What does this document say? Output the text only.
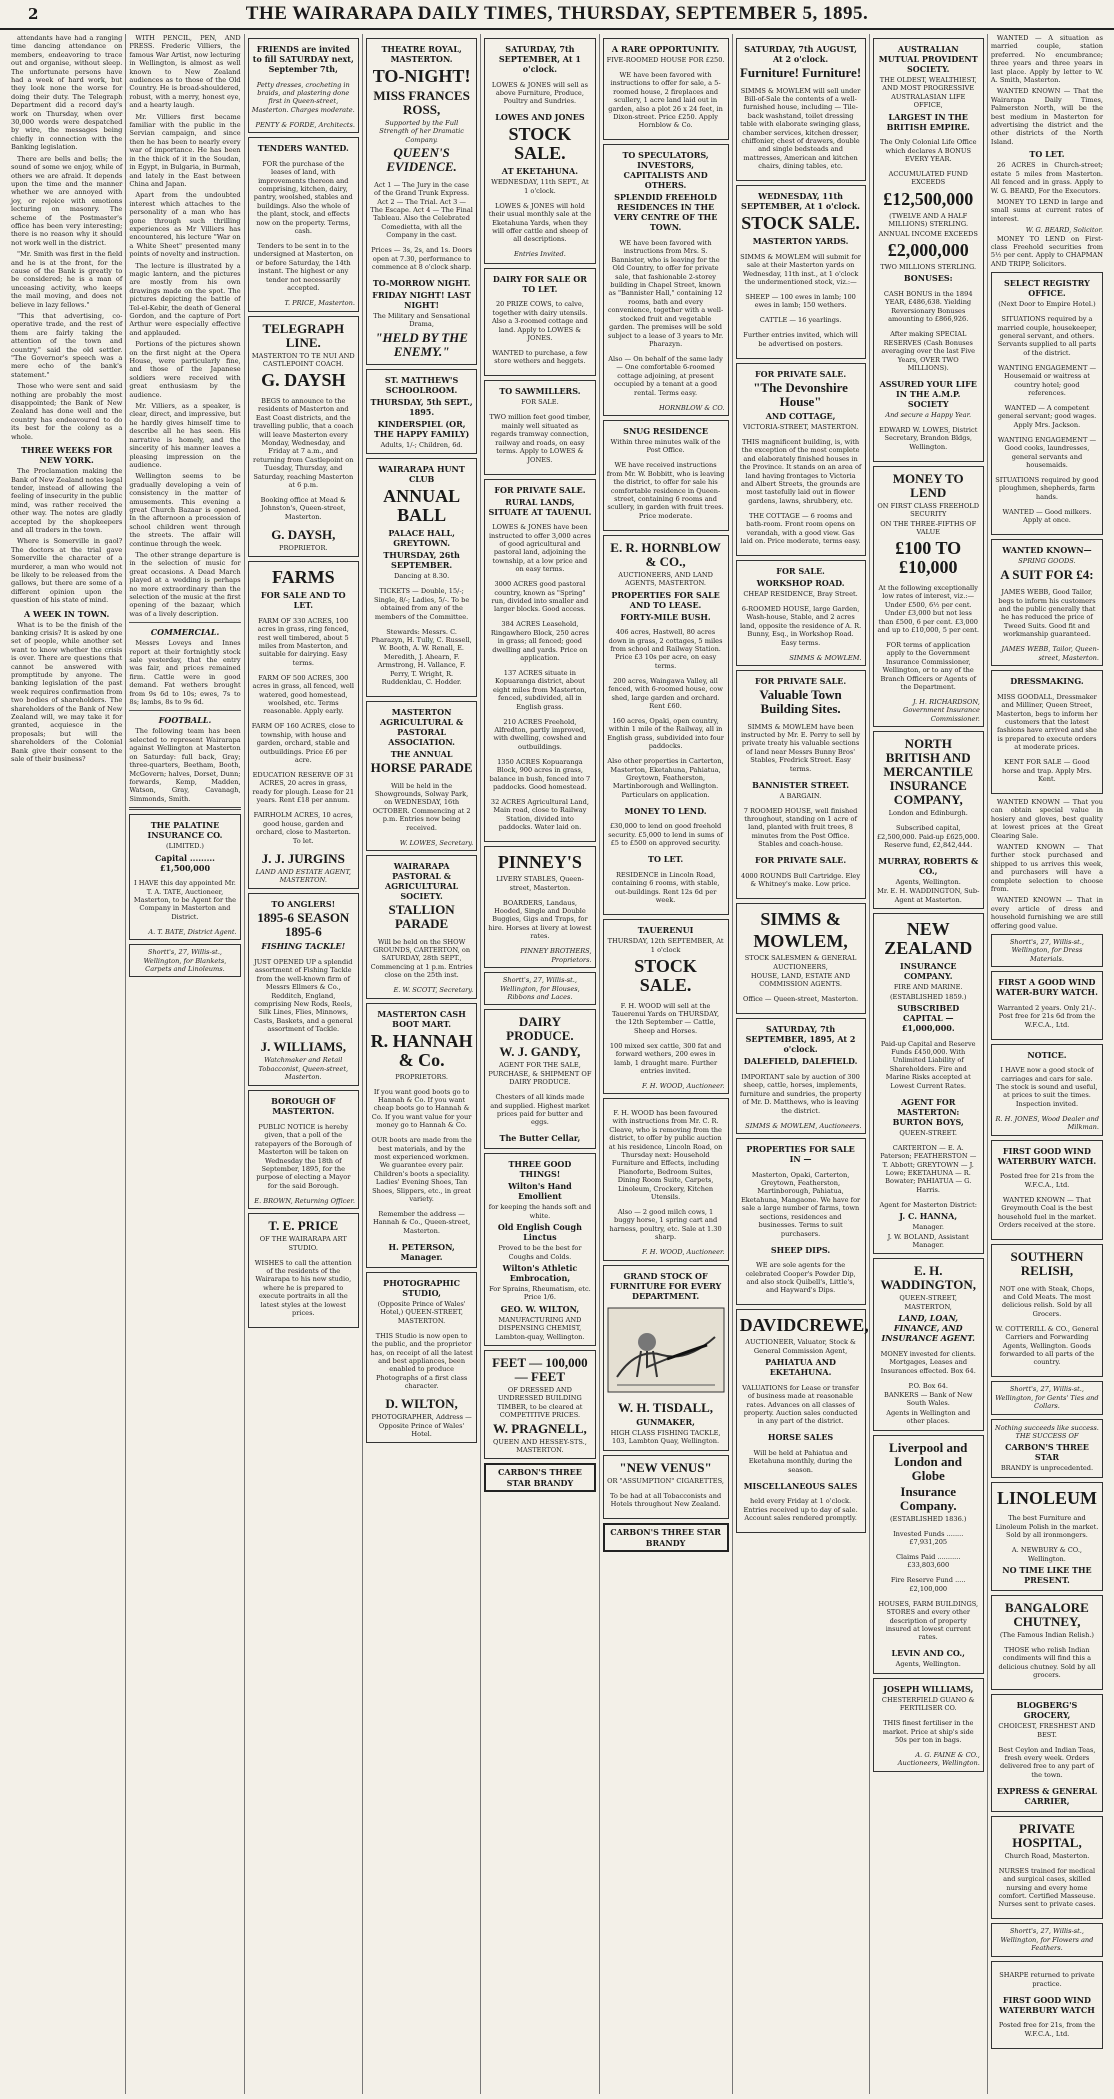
2	THE WAIRARAPA DAILY TIMES, THURSDAY, SEPTEMBER 5, 1895.

attendants have had a ranging time dancing attendance on members, endeavoring to trace out and organise, without sleep. The unfortunate persons have had a week of hard work, but they look none the worse for doing their duty. The Telegraph Department did a record day's work on Thursday, when over 30,000 words were despatched by wire, the messages being chiefly in connection with the Banking legislation.

There are bells and bells; the sound of some we enjoy, while of others we are afraid. It depends upon the time and the manner whether we are annoyed with joy, or rejoice with emotions lecturing on masonry. The scheme of the Postmaster's office has been very interesting; there is no reason why it should not work well in the district.

"Mr. Smith was first in the field and he is at the front, for the cause of the Bank is greatly to be considered; he is a man of unceasing activity, who keeps the mail moving, and does not believe in lazy fellows."

"This that advertising, co-operative trade, and the rest of them are fairly taking the attention of the town and country," said the old settler. "The Governor's speech was a mere echo of the bank's statement."

Those who were sent and said nothing are probably the most disappointed; the Bank of New Zealand has done well and the country has endeavoured to do its best for the colony as a whole.

THREE WEEKS FOR NEW YORK.

The Proclamation making the Bank of New Zealand notes legal tender, instead of allowing the feeling of insecurity in the public mind, was rather received the other way. The notes are gladly accepted by the shopkeepers and all traders in the town.

Where is Somerville in gaol? The doctors at the trial gave Somerville the character of a murderer, a man who would not be likely to be released from the gallows, but there are some of a different opinion upon the question of his state of mind.

A WEEK IN TOWN.

What is to be the finish of the banking crisis? It is asked by one set of people, while another set want to know whether the crisis is over. There are questions that cannot be answered with promptitude by anyone. The banking legislation of the past week requires confirmation from two bodies of shareholders. The shareholders of the Bank of New Zealand will, we may take it for granted, acquiesce in the proposals; but will the shareholders of the Colonial Bank give their consent to the sale of their business?

WITH PENCIL, PEN, AND PRESS. Frederic Villiers, the famous War Artist, now lecturing in Wellington, is almost as well known to New Zealand audiences as to those of the Old Country. He is broad-shouldered, robust, with a merry, honest eye, and a hearty laugh.

Mr. Villiers first became familiar with the public in the Servian campaign, and since then he has been to nearly every war of importance. He has been in the thick of it in the Soudan, in Egypt, in Bulgaria, in Burmah, and lately in the East between China and Japan.

Apart from the undoubted interest which attaches to the personality of a man who has gone through such thrilling experiences as Mr Villiers has encountered, his lecture "War on a White Sheet" presented many points of novelty and instruction.

The lecture is illustrated by a magic lantern, and the pictures are mostly from his own drawings made on the spot. The pictures depicting the battle of Tel-el-Kebir, the death of General Gordon, and the capture of Port Arthur were especially effective and applauded.

Portions of the pictures shown on the first night at the Opera House, were particularly fine, and those of the Japanese soldiers were received with great enthusiasm by the audience.

Mr. Villiers, as a speaker, is clear, direct, and impressive, but he hardly gives himself time to describe all he has seen. His narrative is homely, and the sincerity of his manner leaves a pleasing impression on the audience.

Wellington seems to be gradually developing a vein of consistency in the matter of amusements. This evening a great Church Bazaar is opened. In the afternoon a procession of school children went through the streets. The affair will continue through the week.

The other strange departure is in the selection of music for great occasions. A Dead March played at a wedding is perhaps no more extraordinary than the selection of the music at the first opening of the bazaar, which was of a lively description.

COMMERCIAL.

Messrs Loveys and Innes report at their fortnightly stock sale yesterday, that the entry was fair, and prices remained firm. Cattle were in good demand. Fat wethers brought from 9s 6d to 10s; ewes, 7s to 8s; lambs, 8s to 9s 6d.

FOOTBALL.

The following team has been selected to represent Wairarapa against Wellington at Masterton on Saturday: full back, Gray; three-quarters, Beetham, Booth, McGovern; halves, Dorset, Dunn; forwards, Kemp, Madden, Watson, Gray, Cavanagh, Simmonds, Smith.

THE PALATINE INSURANCE CO.
(LIMITED.)
Capital ......... £1,500,000

I HAVE this day appointed Mr. T. A. TATE, Auctioneer, Masterton, to be Agent for the Company in Masterton and District.

A. T. BATE, District Agent.
Shortt's, 27, Willis-st., Wellington, for Blankets, Carpets and Linoleums.
FRIENDS are invited to fill SATURDAY next, September 7th,

Petty dresses, crocheting in braids, and plastering done first in Queen-street, Masterton. Charges moderate.

PENTY & FORDE, Architects.
TENDERS WANTED.

FOR the purchase of the leases of land, with improvements thereon and comprising, kitchen, dairy, pantry, woolshed, stables and buildings. Also the whole of the plant, stock, and effects now on the property. Terms, cash.

Tenders to be sent in to the undersigned at Masterton, on or before Saturday, the 14th instant. The highest or any tender not necessarily accepted.

T. PRICE, Masterton.
TELEGRAPH LINE.
MASTERTON TO TE NUI AND CASTLEPOINT COACH.
G. DAYSH

BEGS to announce to the residents of Masterton and East Coast districts, and the travelling public, that a coach will leave Masterton every Monday, Wednesday, and Friday at 7 a.m., and returning from Castlepoint on Tuesday, Thursday, and Saturday, reaching Masterton at 6 p.m.

Booking office at Mead & Johnston's, Queen-street, Masterton.

G. DAYSH,
PROPRIETOR.
FARMS
FOR SALE AND TO LET.

FARM OF 330 ACRES, 100 acres in grass, ring fenced, rest well timbered, about 5 miles from Masterton, and suitable for dairying. Easy terms.

FARM OF 500 ACRES, 300 acres in grass, all fenced, well watered, good homestead, woolshed, etc. Terms reasonable. Apply early.

FARM OF 160 ACRES, close to township, with house and garden, orchard, stable and outbuildings. Price £6 per acre.

EDUCATION RESERVE OF 31 ACRES, 20 acres in grass, ready for plough. Lease for 21 years. Rent £18 per annum.

FAIRHOLM ACRES, 10 acres, good house, garden and orchard, close to Masterton. To let.

J. J. JURGINS
LAND AND ESTATE AGENT, MASTERTON.
TO ANGLERS!
1895-6 SEASON 1895-6
FISHING TACKLE!

JUST OPENED UP a splendid assortment of Fishing Tackle from the well-known firm of Messrs Ellmers & Co., Redditch, England, comprising New Rods, Reels, Silk Lines, Flies, Minnows, Casts, Baskets, and a general assortment of Tackle.

J. WILLIAMS,
Watchmaker and Retail Tobacconist, Queen-street, Masterton.
BOROUGH OF MASTERTON.

PUBLIC NOTICE is hereby given, that a poll of the ratepayers of the Borough of Masterton will be taken on Wednesday the 18th of September, 1895, for the purpose of electing a Mayor for the said Borough.

E. BROWN, Returning Officer.
T. E. PRICE
OF THE WAIRARAPA ART STUDIO.

WISHES to call the attention of the residents of the Wairarapa to his new studio, where he is prepared to execute portraits in all the latest styles at the lowest prices.

THEATRE ROYAL, MASTERTON.
TO-NIGHT!
MISS FRANCES ROSS,
Supported by the Full Strength of her Dramatic Company.
QUEEN'S EVIDENCE.

Act 1 — The Jury in the case of the Grand Trunk Express. Act 2 — The Trial. Act 3 — The Escape. Act 4 — The Final Tableau. Also the Celebrated Comedietta, with all the Company in the cast.

Prices — 3s, 2s, and 1s. Doors open at 7.30, performance to commence at 8 o'clock sharp.

TO-MORROW NIGHT.
FRIDAY NIGHT! LAST NIGHT!
The Military and Sensational Drama,
"HELD BY THE ENEMY."
ST. MATTHEW'S SCHOOLROOM.
THURSDAY, 5th SEPT., 1895.
KINDERSPIEL (OR, THE HAPPY FAMILY)
Adults, 1/-; Children, 6d.
WAIRARAPA HUNT CLUB
ANNUAL BALL
PALACE HALL, GREYTOWN.
THURSDAY, 26th SEPTEMBER.
Dancing at 8.30.

TICKETS — Double, 15/-; Single, 8/-; Ladies, 5/-. To be obtained from any of the members of the Committee.

Stewards: Messrs. C. Pharazyn, H. Tully, C. Russell, W. Booth, A. W. Renall, E. Meredith, J. Ahearn, F. Armstrong, H. Vallance, F. Perry, T. Wright, R. Ruddenklau, C. Hodder.

MASTERTON AGRICULTURAL & PASTORAL ASSOCIATION.
THE ANNUAL
HORSE PARADE

Will be held in the Showgrounds, Solway Park, on WEDNESDAY, 16th OCTOBER. Commencing at 2 p.m. Entries now being received.

W. LOWES, Secretary.
WAIRARAPA PASTORAL & AGRICULTURAL SOCIETY.
STALLION PARADE

Will be held on the SHOW GROUNDS, CARTERTON, on SATURDAY, 28th SEPT., Commencing at 1 p.m. Entries close on the 25th inst.

E. W. SCOTT, Secretary.
MASTERTON CASH BOOT MART.
R. HANNAH & Co.
PROPRIETORS.

If you want good boots go to Hannah & Co. If you want cheap boots go to Hannah & Co. If you want value for your money go to Hannah & Co.

OUR boots are made from the best materials, and by the most experienced workmen. We guarantee every pair. Children's boots a speciality. Ladies' Evening Shoes, Tan Shoes, Slippers, etc., in great variety.

Remember the address — Hannah & Co., Queen-street, Masterton.

H. PETERSON, Manager.
PHOTOGRAPHIC STUDIO,
(Opposite Prince of Wales' Hotel,) QUEEN-STREET, MASTERTON.

THIS Studio is now open to the public, and the proprietor has, on receipt of all the latest and best appliances, been enabled to produce Photographs of a first class character.

D. WILTON,
PHOTOGRAPHER, Address — Opposite Prince of Wales' Hotel.
SATURDAY, 7th SEPTEMBER, At 1 o'clock.

LOWES & JONES will sell as above Furniture, Produce, Poultry and Sundries.

LOWES AND JONES
STOCK SALE.
AT EKETAHUNA.
WEDNESDAY, 11th SEPT., At 1 o'clock.

LOWES & JONES will hold their usual monthly sale at the Eketahuna Yards, when they will offer cattle and sheep of all descriptions.

Entries Invited.
DAIRY FOR SALE OR TO LET.

20 PRIZE COWS, to calve, together with dairy utensils. Also a 3-roomed cottage and land. Apply to LOWES & JONES.

WANTED to purchase, a few store wethers and heggets.

TO SAWMILLERS.
FOR SALE.

TWO million feet good timber, mainly well situated as regards tramway connection, railway and roads, on easy terms. Apply to LOWES & JONES.

FOR PRIVATE SALE.
RURAL LANDS, SITUATE AT TAUENUI.

LOWES & JONES have been instructed to offer 3,000 acres of good agricultural and pastoral land, adjoining the township, at a low price and on easy terms.

3000 ACRES good pastoral country, known as "Spring" run, divided into smaller and larger blocks. Good access.

384 ACRES Leasehold, Ringawhero Block, 250 acres in grass; all fenced; good dwelling and yards. Price on application.

137 ACRES situate in Kopuaranga district, about eight miles from Masterton, fenced, subdivided, all in English grass.

210 ACRES Freehold, Alfredton, partly improved, with dwelling, cowshed and outbuildings.

1350 ACRES Kopuaranga Block, 900 acres in grass, balance in bush, fenced into 7 paddocks. Good homestead.

32 ACRES Agricultural Land, Main road, close to Railway Station, divided into paddocks. Water laid on.

PINNEY'S
LIVERY STABLES, Queen-street, Masterton.

BOARDERS, Landaus, Hooded, Single and Double Buggies, Gigs and Traps, for hire. Horses at livery at lowest rates.

PINNEY BROTHERS, Proprietors.
Shortt's, 27, Willis-st., Wellington, for Blouses, Ribbons and Laces.
DAIRY PRODUCE.
W. J. GANDY,
AGENT FOR THE SALE, PURCHASE, & SHIPMENT OF DAIRY PRODUCE.

Chesters of all kinds made and supplied. Highest market prices paid for butter and eggs.

The Butter Cellar,
THREE GOOD THINGS!
Wilton's Hand Emollient
for keeping the hands soft and white.
Old English Cough Linctus
Proved to be the best for Coughs and Colds.
Wilton's Athletic Embrocation,
For Sprains, Rheumatism, etc. Price 1/6.
GEO. W. WILTON,
MANUFACTURING AND DISPENSING CHEMIST, Lambton-quay, Wellington.
FEET — 100,000 — FEET
OF DRESSED AND UNDRESSED BUILDING TIMBER, to be cleared at COMPETITIVE PRICES.
W. PRAGNELL,
QUEEN AND HESSEY-STS., MASTERTON.
CARBON'S THREE STAR BRANDY
A RARE OPPORTUNITY.
FIVE-ROOMED HOUSE FOR £250.

WE have been favored with instructions to offer for sale, a 5-roomed house, 2 fireplaces and scullery, 1 acre land laid out in garden, also a plot 26 x 24 feet, in Dixon-street. Price £250. Apply Hornblow & Co.

TO SPECULATORS, INVESTORS, CAPITALISTS AND OTHERS.
SPLENDID FREEHOLD RESIDENCES IN THE VERY CENTRE OF THE TOWN.

WE have been favored with instructions from Mrs. S. Bannister, who is leaving for the Old Country, to offer for private sale, that fashionable 2-storey building in Chapel Street, known as "Bannister Hall," containing 12 rooms, bath and every convenience, together with a well-stocked fruit and vegetable garden. The premises will be sold subject to a lease of 3 years to Mr. Pharazyn.

Also — On behalf of the same lady — One comfortable 6-roomed cottage adjoining, at present occupied by a tenant at a good rental. Terms easy.

HORNBLOW & CO.
SNUG RESIDENCE
Within three minutes walk of the Post Office.

WE have received instructions from Mr. W. Bobbitt, who is leaving the district, to offer for sale his comfortable residence in Queen-street, containing 6 rooms and scullery, in garden with fruit trees. Price moderate.

E. R. HORNBLOW & CO.,
AUCTIONEERS, AND LAND AGENTS, MASTERTON.
PROPERTIES FOR SALE AND TO LEASE.
FORTY-MILE BUSH.

406 acres, Hastwell, 80 acres down in grass, 2 cottages, 5 miles from school and Railway Station. Price £3 10s per acre, on easy terms.

200 acres, Waingawa Valley, all fenced, with 6-roomed house, cow shed, large garden and orchard. Rent £60.

160 acres, Opaki, open country, within 1 mile of the Railway, all in English grass, subdivided into four paddocks.

Also other properties in Carterton, Masterton, Eketahuna, Pahiatua, Greytown, Featherston, Martinborough and Wellington. Particulars on application.

MONEY TO LEND.

£30,000 to lend on good freehold security. £5,000 to lend in sums of £5 to £500 on approved security.

TO LET.

RESIDENCE in Lincoln Road, containing 6 rooms, with stable, out-buildings. Rent 12s 6d per week.

TAUERENUI
THURSDAY, 12th SEPTEMBER, At 1 o'clock
STOCK SALE.

F. H. WOOD will sell at the Tauerenui Yards on THURSDAY, the 12th September — Cattle, Sheep and Horses.

100 mixed sex cattle, 300 fat and forward wethers, 200 ewes in lamb, 1 draught mare. Further entries invited.

F. H. WOOD, Auctioneer.

F. H. WOOD has been favoured with instructions from Mr. C. R. Cleave, who is removing from the district, to offer by public auction at his residence, Lincoln Road, on Thursday next: Household Furniture and Effects, including Pianoforte, Bedroom Suites, Dining Room Suite, Carpets, Linoleum, Crockery, Kitchen Utensils.

Also — 2 good milch cows, 1 buggy horse, 1 spring cart and harness, poultry, etc. Sale at 1.30 sharp.

F. H. WOOD, Auctioneer.
GRAND STOCK OF FURNITURE FOR EVERY DEPARTMENT.
W. H. TISDALL,
GUNMAKER,
HIGH CLASS FISHING TACKLE, 103, Lambton Quay, Wellington.
"NEW VENUS"
OR "ASSUMPTION" CIGARETTES,

To be had at all Tobacconists and Hotels throughout New Zealand.

CARBON'S THREE STAR BRANDY
SATURDAY, 7th AUGUST, At 2 o'clock.
Furniture! Furniture!

SIMMS & MOWLEM will sell under Bill-of-Sale the contents of a well-furnished house, including — Tile-back washstand, toilet dressing table with elaborate swinging glass, chamber services, kitchen dresser, chiffonier, chest of drawers, double and single bedsteads and mattresses, American and kitchen chairs, dining tables, etc.

WEDNESDAY, 11th SEPTEMBER, At 1 o'clock.
STOCK SALE.
MASTERTON YARDS.

SIMMS & MOWLEM will submit for sale at their Masterton yards on Wednesday, 11th inst., at 1 o'clock the undermentioned stock, viz.:—

SHEEP — 100 ewes in lamb; 100 ewes in lamb; 150 wethers.

CATTLE — 16 yearlings.

Further entries invited, which will be advertised on posters.

FOR PRIVATE SALE.
"The Devonshire House"
AND COTTAGE,
VICTORIA-STREET, MASTERTON.

THIS magnificent building, is, with the exception of the most complete and elaborately finished houses in the Province. It stands on an area of land having frontages to Victoria and Albert Streets, the grounds are most tastefully laid out in flower gardens, lawns, shrubbery, etc.

THE COTTAGE — 6 rooms and bath-room. Front room opens on verandah, with a good view. Gas laid on. Price moderate, terms easy.

FOR SALE.
WORKSHOP ROAD.
CHEAP RESIDENCE, Bray Street.

6-ROOMED HOUSE, large Garden, Wash-house, Stable, and 2 acres land, opposite the residence of A. R. Bunny, Esq., in Workshop Road. Easy terms.

SIMMS & MOWLEM.
FOR PRIVATE SALE.
Valuable Town Building Sites.

SIMMS & MOWLEM have been instructed by Mr. E. Perry to sell by private treaty his valuable sections of land near Messrs Bunny Bros' Stables, Fredrick Street. Easy terms.

BANNISTER STREET.
A BARGAIN.

7 ROOMED HOUSE, well finished throughout, standing on 1 acre of land, planted with fruit trees, 8 minutes from the Post Office. Stables and coach-house.

FOR PRIVATE SALE.

4000 ROUNDS Bull Cartridge. Eley & Whitney's make. Low price.

SIMMS &
MOWLEM,
STOCK SALESMEN & GENERAL AUCTIONEERS,
HOUSE, LAND, ESTATE AND COMMISSION AGENTS.

Office — Queen-street, Masterton.

SATURDAY, 7th SEPTEMBER, 1895, At 2 o'clock.
DALEFIELD, DALEFIELD.

IMPORTANT sale by auction of 300 sheep, cattle, horses, implements, furniture and sundries, the property of Mr. D. Matthews, who is leaving the district.

SIMMS & MOWLEM, Auctioneers.
PROPERTIES FOR SALE IN —

Masterton, Opaki, Carterton, Greytown, Featherston, Martinborough, Pahiatua, Eketahuna, Mangaone. We have for sale a large number of farms, town sections, residences and businesses. Terms to suit purchasers.

SHEEP DIPS.

WE are sole agents for the celebrated Cooper's Powder Dip, and also stock Quibell's, Little's, and Hayward's Dips.

DAVIDCREWE,
AUCTIONEER, Valuator, Stock & General Commission Agent,
PAHIATUA AND EKETAHUNA.

VALUATIONS for Lease or transfer of business made at reasonable rates. Advances on all classes of property. Auction sales conducted in any part of the district.

HORSE SALES

Will be held at Pahiatua and Eketahuna monthly, during the season.

MISCELLANEOUS SALES

held every Friday at 1 o'clock. Entries received up to day of sale. Account sales rendered promptly.

AUSTRALIAN MUTUAL PROVIDENT SOCIETY.
THE OLDEST, WEALTHIEST, AND MOST PROGRESSIVE AUSTRALASIAN LIFE OFFICE,
LARGEST IN THE BRITISH EMPIRE.

The Only Colonial Life Office which declares A BONUS EVERY YEAR.

ACCUMULATED FUND EXCEEDS
£12,500,000
(TWELVE AND A HALF MILLIONS) STERLING.
ANNUAL INCOME EXCEEDS
£2,000,000
TWO MILLIONS STERLING.
BONUSES:

CASH BONUS in the 1894 YEAR, £486,638. Yielding Reversionary Bonuses amounting to £866,926.

After making SPECIAL RESERVES (Cash Bonuses averaging over the last Five Years, OVER TWO MILLIONS).

ASSURED YOUR LIFE IN THE A.M.P. SOCIETY
And secure a Happy Year.

EDWARD W. LOWES, District Secretary, Brandon Bldgs, Wellington.

MONEY TO LEND
ON FIRST CLASS FREEHOLD SECURITY
ON THE THREE-FIFTHS OF VALUE
£100 TO £10,000

At the following exceptionally low rates of interest, viz.:— Under £500, 6½ per cent. Under £3,000 but not less than £500, 6 per cent. £3,000 and up to £10,000, 5 per cent.

FOR terms of application apply to the Government Insurance Commissioner, Wellington, or to any of the Branch Officers or Agents of the Department.

J. H. RICHARDSON, Government Insurance Commissioner.
NORTH BRITISH AND MERCANTILE INSURANCE COMPANY,
London and Edinburgh.

Subscribed capital, £2,500,000. Paid-up £625,000. Reserve fund, £2,842,444.

MURRAY, ROBERTS & CO.,
Agents, Wellington.
Mr. E. H. WADDINGTON, Sub-Agent at Masterton.
NEW ZEALAND
INSURANCE COMPANY.
FIRE AND MARINE.
(ESTABLISHED 1859.)
SUBSCRIBED CAPITAL — £1,000,000.

Paid-up Capital and Reserve Funds £450,000. With Unlimited Liability of Shareholders. Fire and Marine Risks accepted at Lowest Current Rates.

AGENT FOR MASTERTON: BURTON BOYS,
QUEEN-STREET.

CARTERTON — E. A. Paterson; FEATHERSTON — T. Abbott; GREYTOWN — J. Lowe; EKETAHUNA — R. Bowater; PAHIATUA — G. Harris.

Agent for Masterton District:
J. C. HANNA,
Manager.
J. W. BOLAND, Assistant Manager.
E. H. WADDINGTON,
QUEEN-STREET, MASTERTON,
LAND, LOAN, FINANCE, AND INSURANCE AGENT.

MONEY invested for clients. Mortgages, Leases and Insurances effected. Box 64.

P.O. Box 64.
BANKERS — Bank of New South Wales.
Agents in Wellington and other places.
Liverpool and London and Globe
Insurance Company.
(ESTABLISHED 1836.)

Invested Funds ........ £7,931,205

Claims Paid ........... £33,803,600

Fire Reserve Fund ..... £2,100,000

HOUSES, FARM BUILDINGS, STORES and every other description of property insured at lowest current rates.

LEVIN AND CO.,
Agents, Wellington.
JOSEPH WILLIAMS,
CHESTERFIELD GUANO & FERTILISER CO.

THIS finest fertiliser in the market. Price at ship's side 50s per ton in bags.

A. G. FAINE & CO., Auctioneers, Wellington.

WANTED — A situation as married couple, station preferred. No encumbrance; three years and three years in last place. Apply by letter to W. A. Smith, Masterton.

WANTED KNOWN — That the Wairarapa Daily Times, Palmerston North, will be the best medium in Masterton for advertising the district and the other districts of the North Island.

TO LET.

26 ACRES in Church-street; estate 5 miles from Masterton. All fenced and in grass. Apply to W. G. BEARD, For the Executors.

MONEY TO LEND in large and small sums at current rates of interest.

W. G. BEARD, Solicitor.

MONEY TO LEND on First-class Freehold securities from 5½ per cent. Apply to CHAPMAN AND TRIPP, Solicitors.

SELECT REGISTRY OFFICE.
(Next Door to Empire Hotel.)

SITUATIONS required by a married couple, housekeeper, general servant, and others. Servants supplied to all parts of the district.

WANTING ENGAGEMENT — Housemaid or waitress at country hotel; good references.

WANTED — A competent general servant; good wages. Apply Mrs. Jackson.

WANTING ENGAGEMENT — Good cooks, laundresses, general servants and housemaids.

SITUATIONS required by good ploughmen, shepherds, farm hands.

WANTED — Good milkers. Apply at once.

WANTED KNOWN—
SPRING GOODS.
A SUIT FOR £4:

JAMES WEBB, Good Tailor, begs to inform his customers and the public generally that he has reduced the price of Tweed Suits. Good fit and workmanship guaranteed.

JAMES WEBB, Tailor, Queen-street, Masterton.
DRESSMAKING.

MISS GOODALL, Dressmaker and Milliner, Queen Street, Masterton, begs to inform her customers that the latest fashions have arrived and she is prepared to execute orders at moderate prices.

KENT FOR SALE — Good horse and trap. Apply Mrs. Kent.

WANTED KNOWN — That you can obtain special value in hosiery and gloves, best quality at lowest prices at the Great Clearing Sale.

WANTED KNOWN — That further stock purchased and shipped to us arrives this week, and purchasers will have a complete selection to choose from.

WANTED KNOWN — That in every article of dress and household furnishing we are still offering good value.

Shortt's, 27, Willis-st., Wellington, for Dress Materials.
FIRST A GOOD WIND WATER-BURY WATCH.

Warranted 2 years. Only 21/-. Post free for 21s 6d from the W.F.C.A., Ltd.

NOTICE.

I HAVE now a good stock of carriages and cars for sale. The stock is sound and useful, at prices to suit the times. Inspection invited.

R. H. JONES, Wood Dealer and Milkman.
FIRST GOOD WIND WATERBURY WATCH.

Posted free for 21s from the W.F.C.A., Ltd.

WANTED KNOWN — That Greymouth Coal is the best household fuel in the market. Orders received at the store.

SOUTHERN RELISH,

NOT one with Steak, Chops, and Cold Meats. The most delicious relish. Sold by all Grocers.

W. COTTERILL & CO., General Carriers and Forwarding Agents, Wellington. Goods forwarded to all parts of the country.

Shortt's, 27, Willis-st., Wellington, for Gents' Ties and Collars.
Nothing succeeds like success. THE SUCCESS OF
CARBON'S THREE STAR
BRANDY is unprecedented.
LINOLEUM

The best Furniture and Linoleum Polish in the market. Sold by all ironmongers.

A. NEWBURY & CO., Wellington.
NO TIME LIKE THE PRESENT.
BANGALORE CHUTNEY,
(The Famous Indian Relish.)

THOSE who relish Indian condiments will find this a delicious chutney. Sold by all grocers.

BLOGBERG'S GROCERY,
CHOICEST, FRESHEST AND BEST.

Best Ceylon and Indian Teas, fresh every week. Orders delivered free to any part of the town.

EXPRESS & GENERAL CARRIER,
PRIVATE HOSPITAL,
Church Road, Masterton.

NURSES trained for medical and surgical cases, skilled nursing and every home comfort. Certified Masseuse. Nurses sent to private cases.

Shortt's, 27, Willis-st., Wellington, for Flowers and Feathers.

SHARPE returned to private practice.

FIRST GOOD WIND WATERBURY WATCH

Posted free for 21s, from the W.F.C.A., Ltd.
